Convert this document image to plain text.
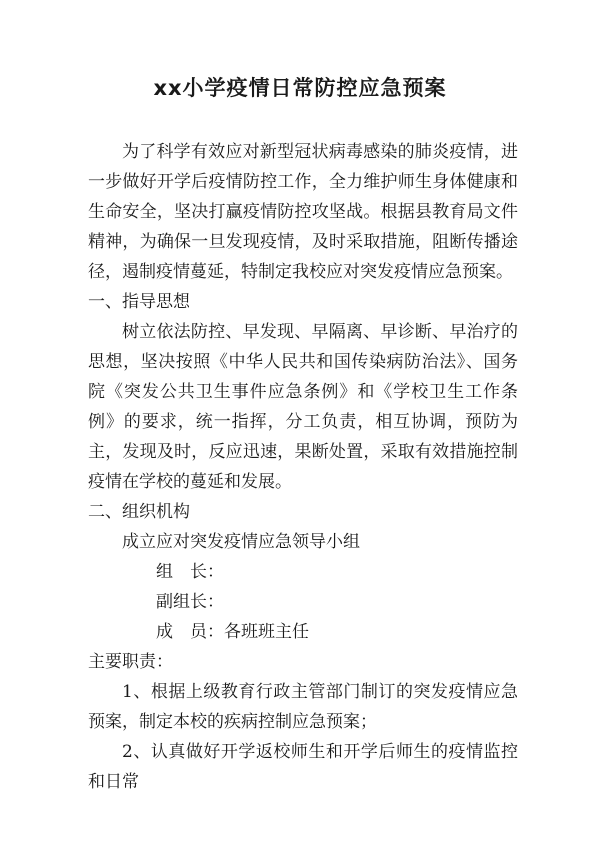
xx小学疫情日常防控应急预案

为了科学有效应对新型冠状病毒感染的肺炎疫情，进一步做好开学后疫情防控工作，全力维护师生身体健康和生命安全，坚决打赢疫情防控攻坚战。根据县教育局文件精神，为确保一旦发现疫情，及时采取措施，阻断传播途径，遏制疫情蔓延，特制定我校应对突发疫情应急预案。

一、指导思想

树立依法防控、早发现、早隔离、早诊断、早治疗的思想，坚决按照《中华人民共和国传染病防治法》、国务院《突发公共卫生事件应急条例》和《学校卫生工作条例》的要求，统一指挥，分工负责，相互协调，预防为主，发现及时，反应迅速，果断处置，采取有效措施控制疫情在学校的蔓延和发展。

二、组织机构

成立应对突发疫情应急领导小组

组　长：

副组长：

成　员：各班班主任

主要职责：

1、根据上级教育行政主管部门制订的突发疫情应急预案，制定本校的疾病控制应急预案；

2、认真做好开学返校师生和开学后师生的疫情监控和日常
